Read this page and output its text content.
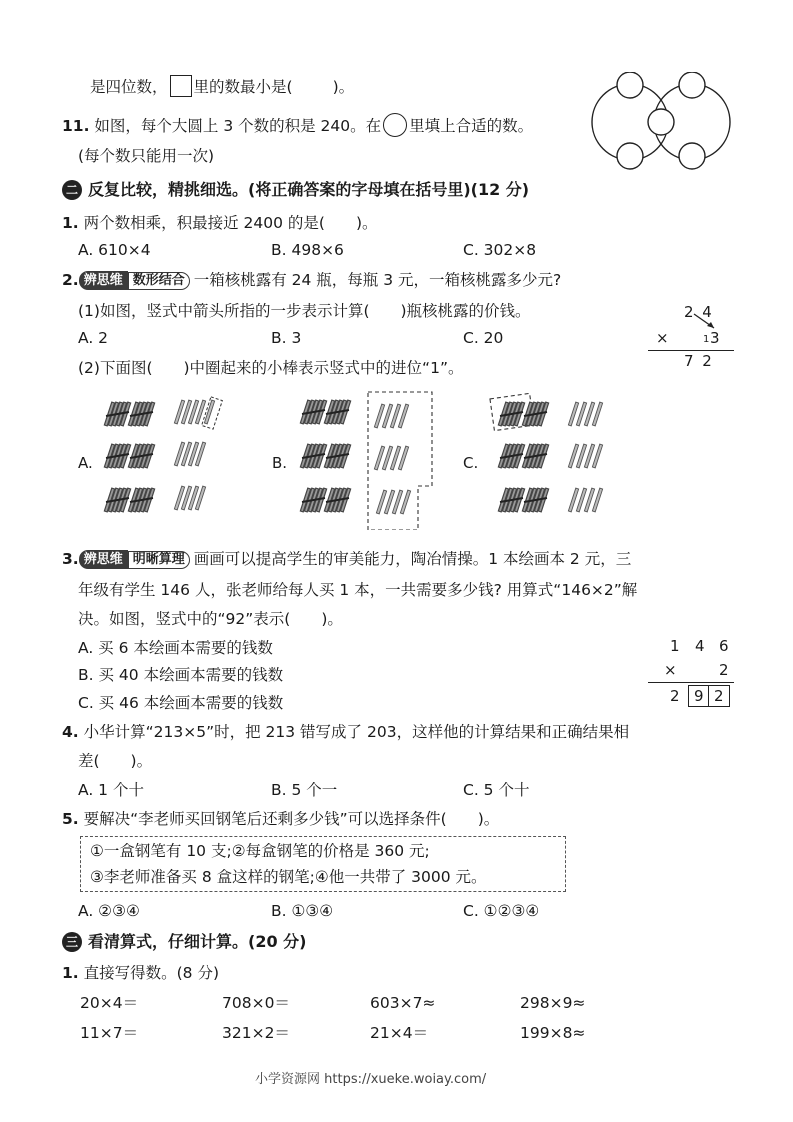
是四位数， 里的数最小是(	)。
11. 如图，每个大圆上 3 个数的积是 240。在 里填上合适的数。
(每个数只能用一次)
二 反复比较，精挑细选。(将正确答案的字母填在括号里)(12 分)
1. 两个数相乘，积最接近 2400 的是(　　)。
A. 610×4	B. 498×6	C. 302×8
2. 辨思维 数形结合 一箱核桃露有 24 瓶，每瓶 3 元，一箱核桃露多少元?
(1)如图，竖式中箭头所指的一步表示计算(　　)瓶核桃露的价钱。
A. 2	B. 3	C. 20
2 4
×	1 3
7 2
(2)下面图(　　)中圈起来的小棒表示竖式中的进位“1”。
A.	B.	C.
3. 辨思维 明晰算理 画画可以提高学生的审美能力，陶冶情操。1 本绘画本 2 元，三
年级有学生 146 人，张老师给每人买 1 本，一共需要多少钱? 用算式“146×2”解
决。如图，竖式中的“92”表示(　　)。
A. 买 6 本绘画本需要的钱数
B. 买 40 本绘画本需要的钱数
C. 买 46 本绘画本需要的钱数
1 4 6
×	2
2 9 2
4. 小华计算“213×5”时，把 213 错写成了 203，这样他的计算结果和正确结果相
差(　　)。
A. 1 个十	B. 5 个一	C. 5 个十
5. 要解决“李老师买回钢笔后还剩多少钱”可以选择条件(　　)。
①一盒钢笔有 10 支;②每盒钢笔的价格是 360 元;
③李老师准备买 8 盒这样的钢笔;④他一共带了 3000 元。
A. ②③④	B. ①③④	C. ①②③④
三 看清算式，仔细计算。(20 分)
1. 直接写得数。(8 分)
20×4＝	708×0＝	603×7≈	298×9≈
11×7＝	321×2＝	21×4＝	199×8≈
小学资源网 https://xueke.woiay.com/
